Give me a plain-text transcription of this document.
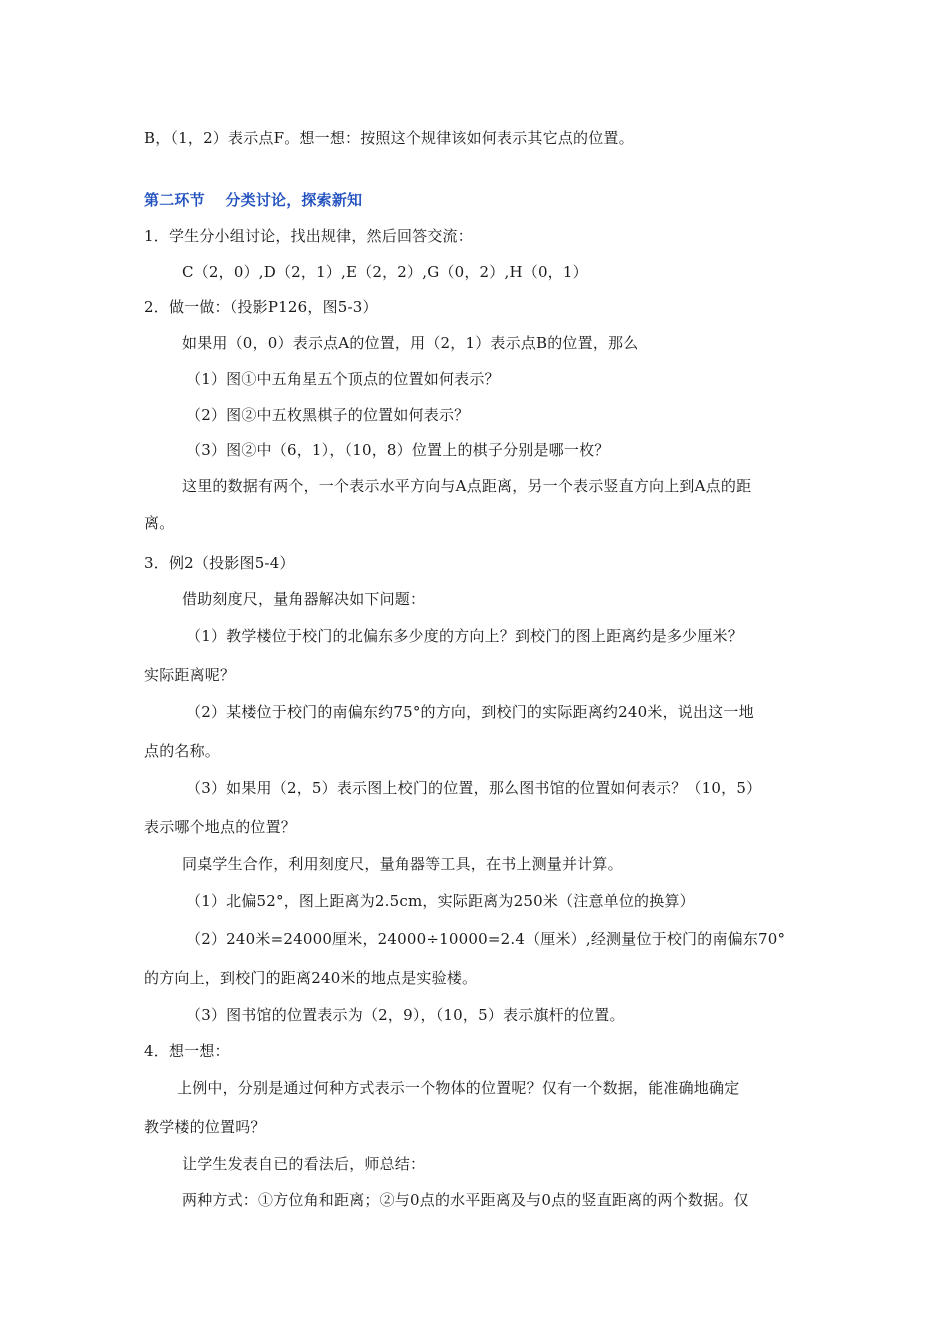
B，（1，2）表示点F。想一想：按照这个规律该如何表示其它点的位置。
第二环节　 分类讨论，探索新知
1．学生分小组讨论，找出规律，然后回答交流：
C（2，0）,D（2，1）,E（2，2）,G（0，2）,H（0，1）
2．做一做：（投影P126，图5-3）
如果用（0，0）表示点A的位置，用（2，1）表示点B的位置，那么
（1）图①中五角星五个顶点的位置如何表示？
（2）图②中五枚黑棋子的位置如何表示？
（3）图②中（6，1），（10，8）位置上的棋子分别是哪一枚？
这里的数据有两个，一个表示水平方向与A点距离，另一个表示竖直方向上到A点的距
离。
3．例2（投影图5-4）
借助刻度尺，量角器解决如下问题：
（1）教学楼位于校门的北偏东多少度的方向上？到校门的图上距离约是多少厘米？
实际距离呢？
（2）某楼位于校门的南偏东约75°的方向，到校门的实际距离约240米，说出这一地
点的名称。
（3）如果用（2，5）表示图上校门的位置，那么图书馆的位置如何表示？（10，5）
表示哪个地点的位置？
同桌学生合作，利用刻度尺，量角器等工具，在书上测量并计算。
（1）北偏52°，图上距离为2.5cm，实际距离为250米（注意单位的换算）
（2）240米=24000厘米，24000÷10000=2.4（厘米）,经测量位于校门的南偏东70°
的方向上，到校门的距离240米的地点是实验楼。
（3）图书馆的位置表示为（2，9），（10，5）表示旗杆的位置。
4．想一想：
上例中，分别是通过何种方式表示一个物体的位置呢？仅有一个数据，能准确地确定
教学楼的位置吗？
让学生发表自已的看法后，师总结：
两种方式：①方位角和距离；②与0点的水平距离及与0点的竖直距离的两个数据。仅
